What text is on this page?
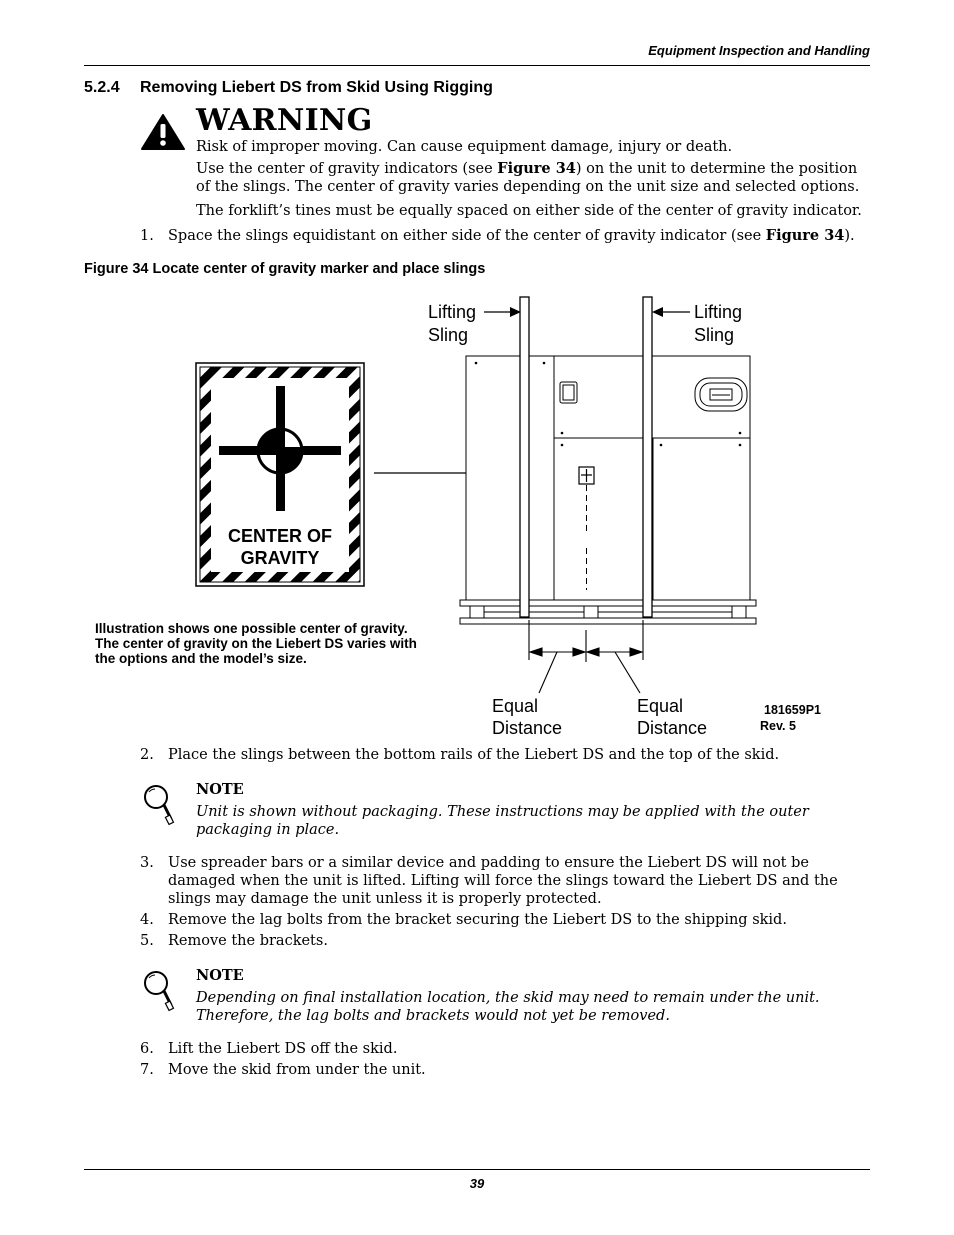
Equipment Inspection and Handling
5.2.4 Removing Liebert DS from Skid Using Rigging
WARNING
Risk of improper moving. Can cause equipment damage, injury or death.
Use the center of gravity indicators (see Figure 34) on the unit to determine the position of the slings. The center of gravity varies depending on the unit size and selected options.
The forklift’s tines must be equally spaced on either side of the center of gravity indicator.
1. Space the slings equidistant on either side of the center of gravity indicator (see Figure 34).
Figure 34 Locate center of gravity marker and place slings
CENTER OF
GRAVITY
Illustration shows one possible center of gravity.
The center of gravity on the Liebert DS varies with
the options and the model’s size.
Lifting
Sling
Lifting
Sling
Equal
Distance
Equal
Distance
181659P1
Rev. 5
2. Place the slings between the bottom rails of the Liebert DS and the top of the skid.
NOTE
Unit is shown without packaging. These instructions may be applied with the outer packaging in place.
3. Use spreader bars or a similar device and padding to ensure the Liebert DS will not be damaged when the unit is lifted. Lifting will force the slings toward the Liebert DS and the slings may damage the unit unless it is properly protected.
4. Remove the lag bolts from the bracket securing the Liebert DS to the shipping skid.
5. Remove the brackets.
NOTE
Depending on final installation location, the skid may need to remain under the unit. Therefore, the lag bolts and brackets would not yet be removed.
6. Lift the Liebert DS off the skid.
7. Move the skid from under the unit.
39
